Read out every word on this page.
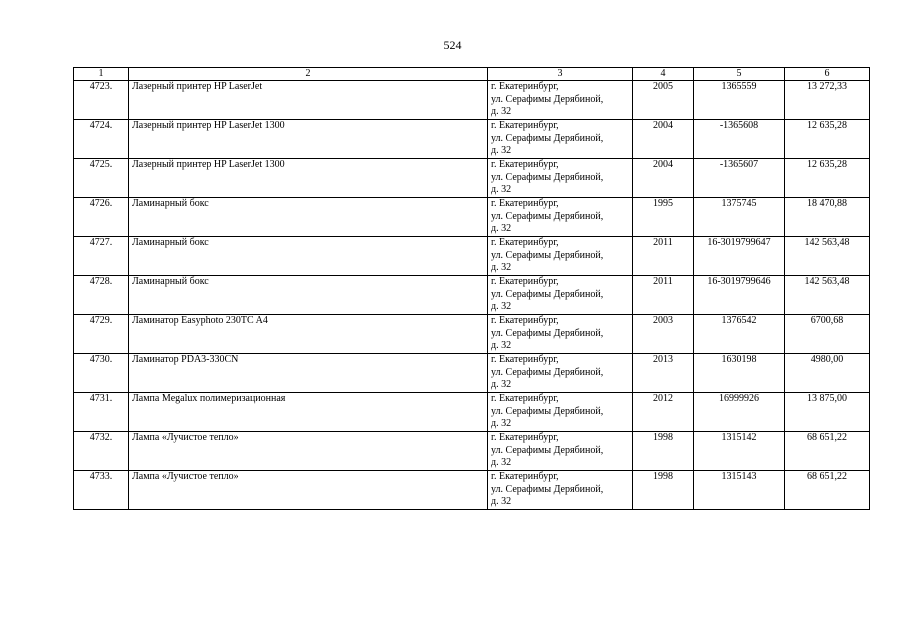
524
1	2	3	4	5	6
4723.	Лазерный принтер HP LaserJet	г. Екатеринбург,
ул. Серафимы Дерябиной,
д. 32	2005	1365559	13 272,33
4724.	Лазерный принтер HP LaserJet 1300	г. Екатеринбург,
ул. Серафимы Дерябиной,
д. 32	2004	-1365608	12 635,28
4725.	Лазерный принтер HP LaserJet 1300	г. Екатеринбург,
ул. Серафимы Дерябиной,
д. 32	2004	-1365607	12 635,28
4726.	Ламинарный бокс	г. Екатеринбург,
ул. Серафимы Дерябиной,
д. 32	1995	1375745	18 470,88
4727.	Ламинарный бокс	г. Екатеринбург,
ул. Серафимы Дерябиной,
д. 32	2011	16-3019799647	142 563,48
4728.	Ламинарный бокс	г. Екатеринбург,
ул. Серафимы Дерябиной,
д. 32	2011	16-3019799646	142 563,48
4729.	Ламинатор Easyphoto 230TC A4	г. Екатеринбург,
ул. Серафимы Дерябиной,
д. 32	2003	1376542	6700,68
4730.	Ламинатор PDA3-330CN	г. Екатеринбург,
ул. Серафимы Дерябиной,
д. 32	2013	1630198	4980,00
4731.	Лампа Megalux полимеризационная	г. Екатеринбург,
ул. Серафимы Дерябиной,
д. 32	2012	16999926	13 875,00
4732.	Лампа «Лучистое тепло»	г. Екатеринбург,
ул. Серафимы Дерябиной,
д. 32	1998	1315142	68 651,22
4733.	Лампа «Лучистое тепло»	г. Екатеринбург,
ул. Серафимы Дерябиной,
д. 32	1998	1315143	68 651,22
